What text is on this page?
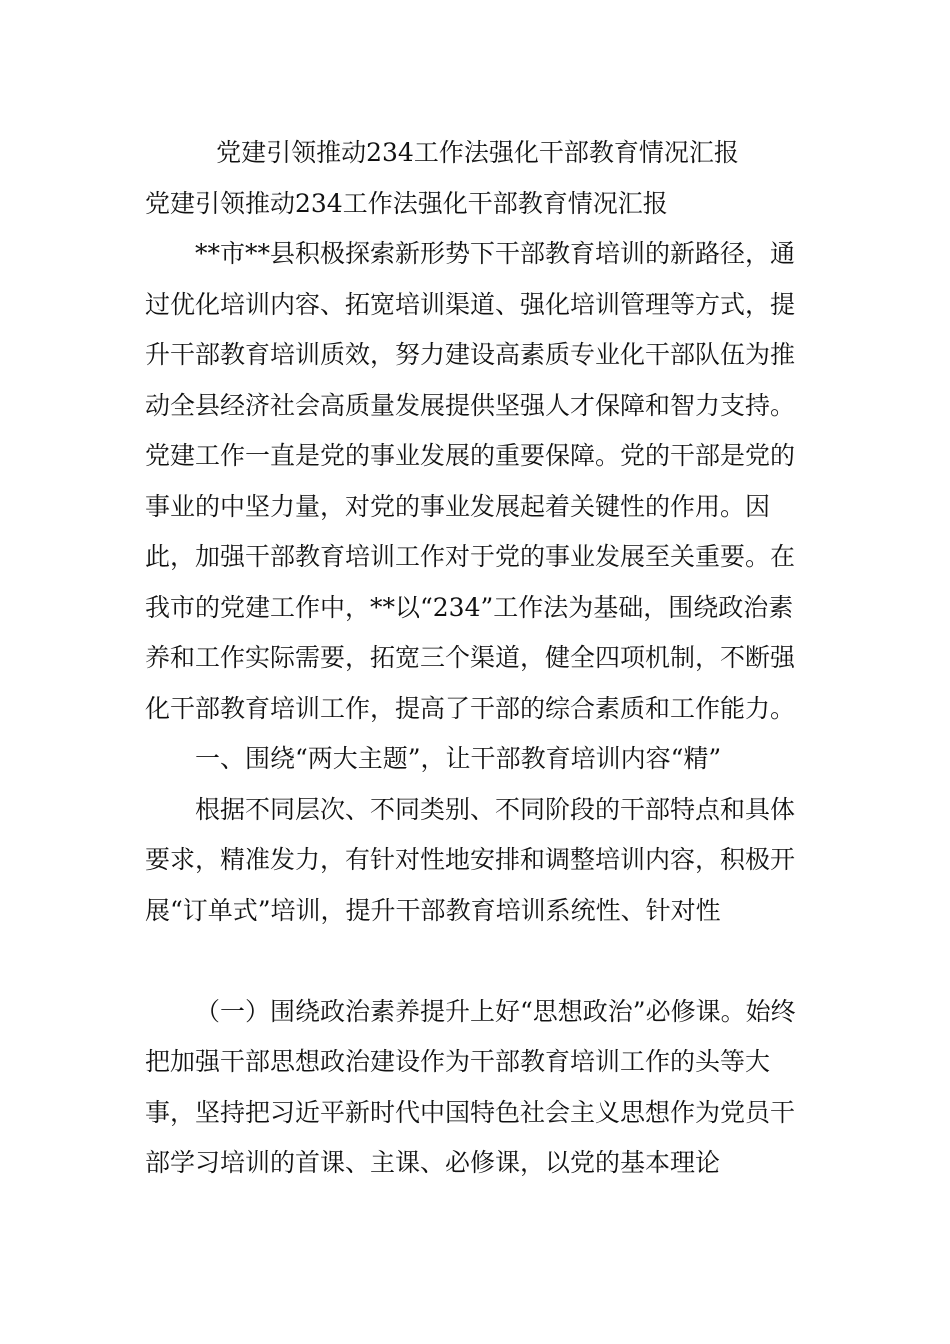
党建引领推动234工作法强化干部教育情况汇报

党建引领推动234工作法强化干部教育情况汇报

**市**县积极探索新形势下干部教育培训的新路径，通过优化培训内容、拓宽培训渠道、强化培训管理等方式，提升干部教育培训质效，努力建设高素质专业化干部队伍为推动全县经济社会高质量发展提供坚强人才保障和智力支持。党建工作一直是党的事业发展的重要保障。党的干部是党的事业的中坚力量，对党的事业发展起着关键性的作用。因此，加强干部教育培训工作对于党的事业发展至关重要。在我市的党建工作中，**以“234”工作法为基础，围绕政治素养和工作实际需要，拓宽三个渠道，健全四项机制，不断强化干部教育培训工作，提高了干部的综合素质和工作能力。

一、围绕“两大主题”，让干部教育培训内容“精”

根据不同层次、不同类别、不同阶段的干部特点和具体要求，精准发力，有针对性地安排和调整培训内容，积极开展“订单式”培训，提升干部教育培训系统性、针对性

（一）围绕政治素养提升上好“思想政治”必修课。始终把加强干部思想政治建设作为干部教育培训工作的头等大事，坚持把习近平新时代中国特色社会主义思想作为党员干部学习培训的首课、主课、必修课，以党的基本理论
